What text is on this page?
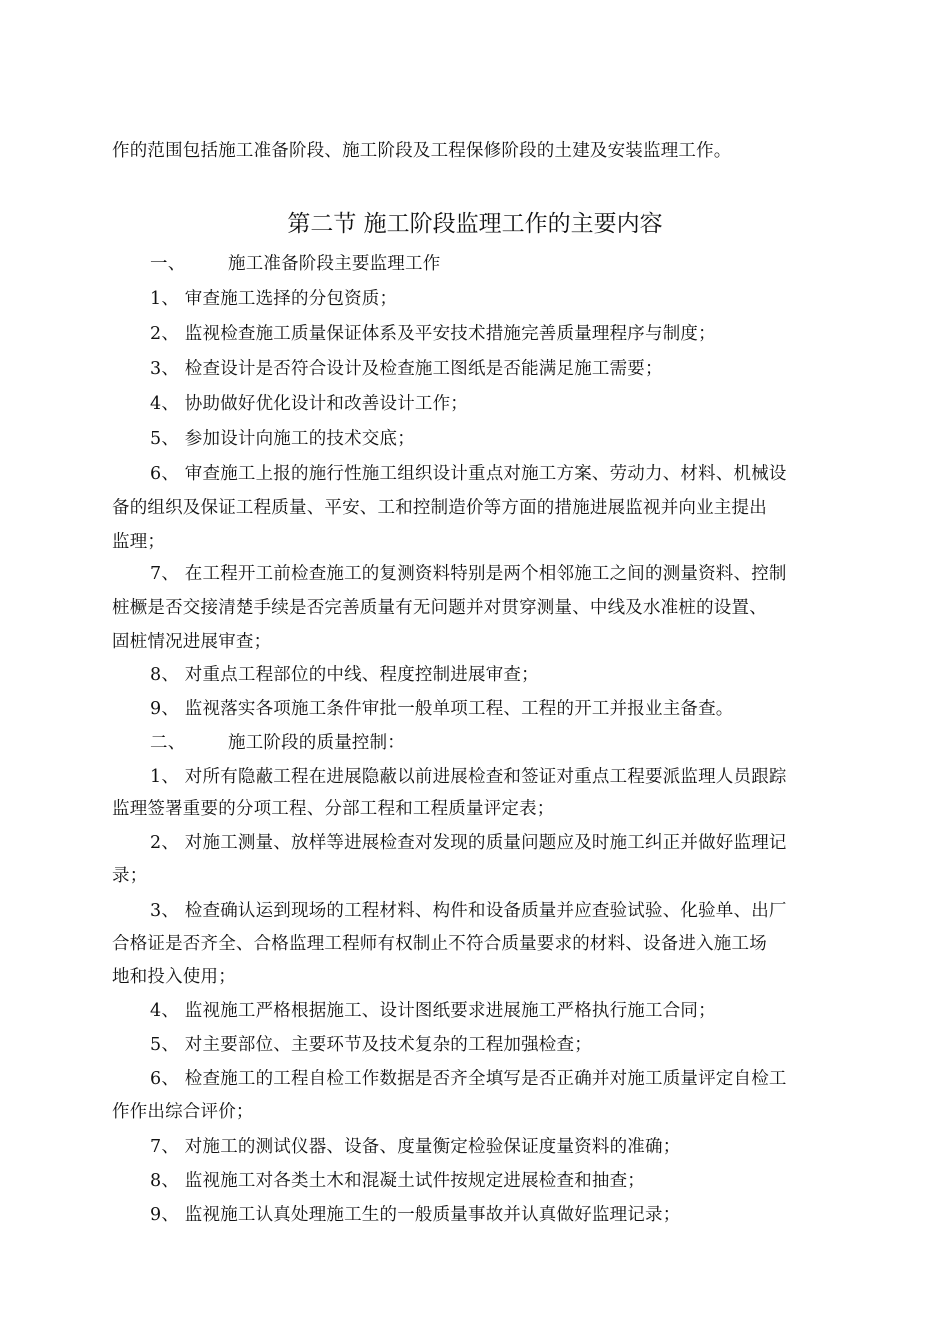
作的范围包括施工准备阶段、施工阶段及工程保修阶段的土建及安装监理工作。
第二节 施工阶段监理工作的主要内容
一、 施工准备阶段主要监理工作
1、 审查施工选择的分包资质；
2、 监视检查施工质量保证体系及平安技术措施完善质量理程序与制度；
3、 检查设计是否符合设计及检查施工图纸是否能满足施工需要；
4、 协助做好优化设计和改善设计工作；
5、 参加设计向施工的技术交底；
6、 审查施工上报的施行性施工组织设计重点对施工方案、劳动力、材料、机械设
备的组织及保证工程质量、平安、工和控制造价等方面的措施进展监视并向业主提出
监理；
7、 在工程开工前检查施工的复测资料特别是两个相邻施工之间的测量资料、控制
桩橛是否交接清楚手续是否完善质量有无问题并对贯穿测量、中线及水准桩的设置、
固桩情况进展审查；
8、 对重点工程部位的中线、程度控制进展审查；
9、 监视落实各项施工条件审批一般单项工程、工程的开工并报业主备查。
二、 施工阶段的质量控制：
1、 对所有隐蔽工程在进展隐蔽以前进展检查和签证对重点工程要派监理人员跟踪
监理签署重要的分项工程、分部工程和工程质量评定表；
2、 对施工测量、放样等进展检查对发现的质量问题应及时施工纠正并做好监理记
录；
3、 检查确认运到现场的工程材料、构件和设备质量并应查验试验、化验单、出厂
合格证是否齐全、合格监理工程师有权制止不符合质量要求的材料、设备进入施工场
地和投入使用；
4、 监视施工严格根据施工、设计图纸要求进展施工严格执行施工合同；
5、 对主要部位、主要环节及技术复杂的工程加强检查；
6、 检查施工的工程自检工作数据是否齐全填写是否正确并对施工质量评定自检工
作作出综合评价；
7、 对施工的测试仪器、设备、度量衡定检验保证度量资料的准确；
8、 监视施工对各类土木和混凝土试件按规定进展检查和抽查；
9、 监视施工认真处理施工生的一般质量事故并认真做好监理记录；
